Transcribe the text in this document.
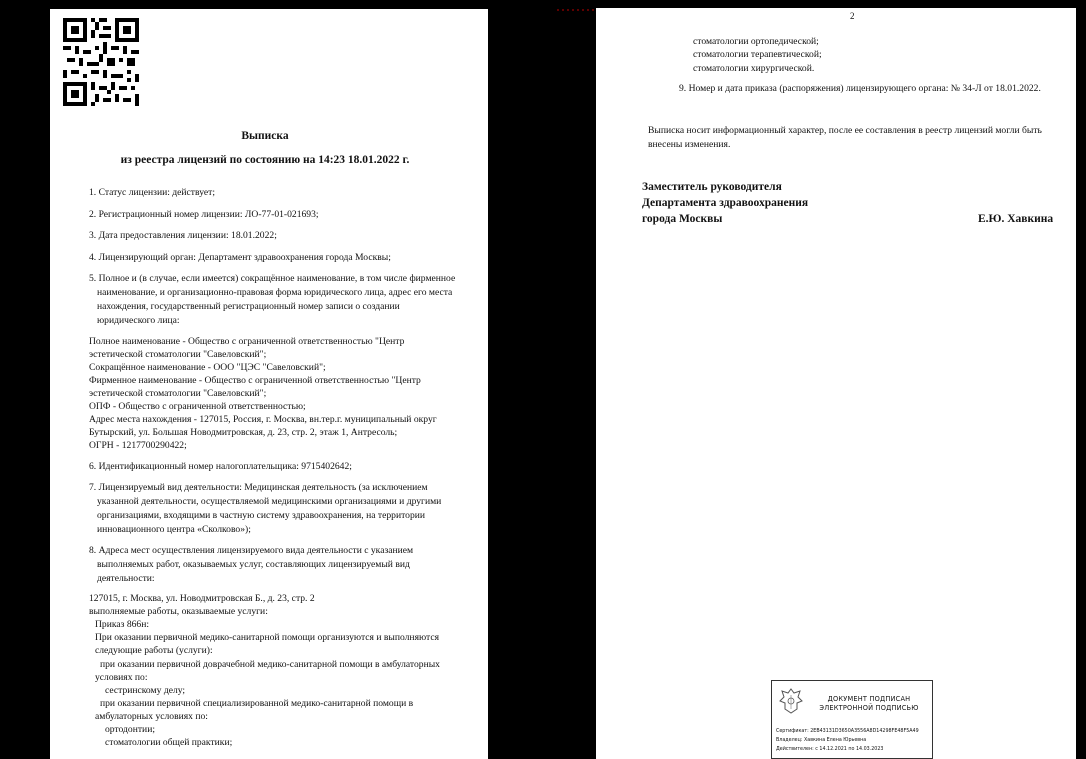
Выписка
из реестра лицензий по состоянию на 14:23 18.01.2022 г.
1. Статус лицензии: действует;
2. Регистрационный номер лицензии: ЛО-77-01-021693;
3. Дата предоставления лицензии: 18.01.2022;
4. Лицензирующий орган: Департамент здравоохранения города Москвы;
5. Полное и (в случае, если имеется) сокращённое наименование, в том числе фирменное
наименование, и организационно-правовая форма юридического лица, адрес его места
нахождения, государственный регистрационный номер записи о создании
юридического лица:
Полное наименование - Общество с ограниченной ответственностью "Центр
эстетической стоматологии "Савеловский";
Сокращённое наименование - ООО "ЦЭС "Савеловский";
Фирменное наименование - Общество с ограниченной ответственностью "Центр
эстетической стоматологии "Савеловский";
ОПФ - Общество с ограниченной ответственностью;
Адрес места нахождения - 127015, Россия, г. Москва, вн.тер.г. муниципальный округ
Бутырский, ул. Большая Новодмитровская, д. 23, стр. 2, этаж 1, Антресоль;
ОГРН - 1217700290422;
6. Идентификационный номер налогоплательщика: 9715402642;
7. Лицензируемый вид деятельности: Медицинская деятельность (за исключением
указанной деятельности, осуществляемой медицинскими организациями и другими
организациями, входящими в частную систему здравоохранения, на территории
инновационного центра «Сколково»);
8. Адреса мест осуществления лицензируемого вида деятельности с указанием
выполняемых работ, оказываемых услуг, составляющих лицензируемый вид
деятельности:
127015, г. Москва, ул. Новодмитровская Б., д. 23, стр. 2
выполняемые работы, оказываемые услуги:
Приказ 866н:
При оказании первичной медико-санитарной помощи организуются и выполняются
следующие работы (услуги):
при оказании первичной доврачебной медико-санитарной помощи в амбулаторных
условиях по:
сестринскому делу;
при оказании первичной специализированной медико-санитарной помощи в
амбулаторных условиях по:
ортодонтии;
стоматологии общей практики;
2
стоматологии ортопедической;
стоматологии терапевтической;
стоматологии хирургической.
9. Номер и дата приказа (распоряжения) лицензирующего органа: № 34-Л от 18.01.2022.
Выписка носит информационный характер, после ее составления в реестр лицензий могли быть
внесены изменения.
Заместитель руководителя
Департамента здравоохранения
города Москвы	Е.Ю. Хавкина
ДОКУМЕНТ ПОДПИСАН
ЭЛЕКТРОННОЙ ПОДПИСЬЮ
Сертификат: 2EB43131D3650A3556A8D14298FE48F5A49
Владелец: Хавкина Елена Юрьевна
Действителен: с 14.12.2021 по 14.03.2023
